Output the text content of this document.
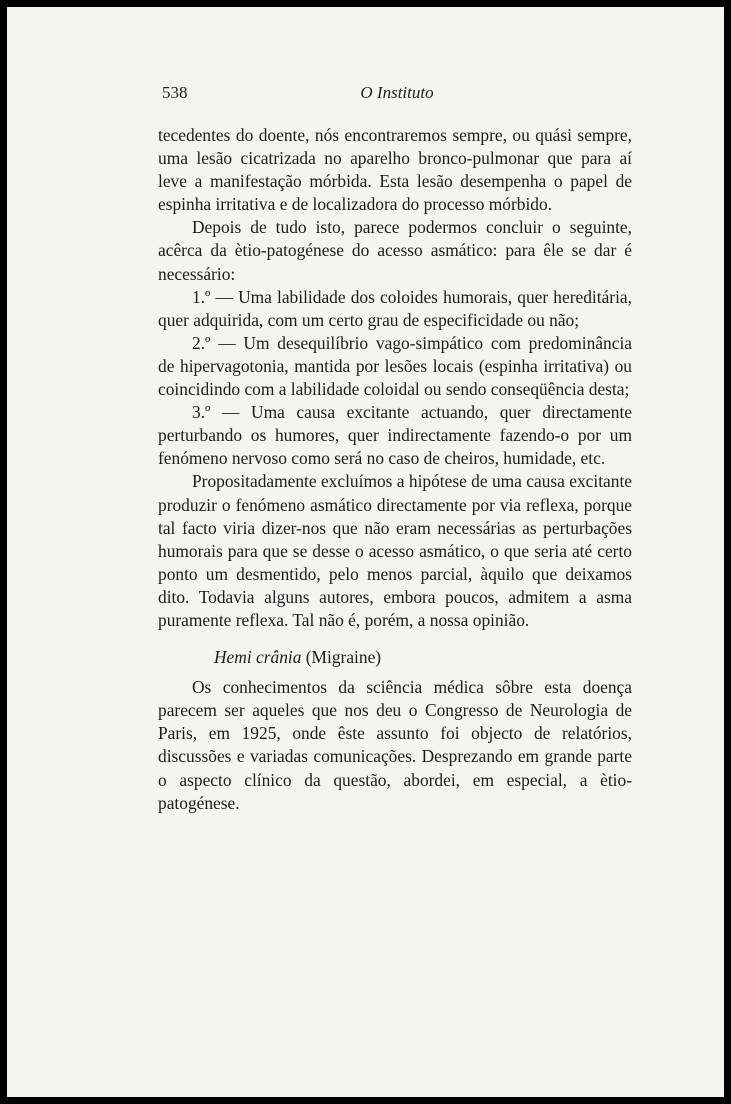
538	O Instituto

tecedentes do doente, nós encontraremos sempre, ou quási sempre, uma lesão cicatrizada no aparelho bronco-pulmonar que para aí leve a manifestação mórbida. Esta lesão desempenha o papel de espinha irritativa e de localizadora do processo mórbido.

Depois de tudo isto, parece podermos concluir o seguinte, acêrca da ètio-patogénese do acesso asmático: para êle se dar é necessário:

1.º — Uma labilidade dos coloides humorais, quer hereditária, quer adquirida, com um certo grau de especificidade ou não;

2.º — Um desequilíbrio vago-simpático com predominância de hipervagotonia, mantida por lesões locais (espinha irritativa) ou coincidindo com a labilidade coloidal ou sendo conseqüência desta;

3.º — Uma causa excitante actuando, quer directamente perturbando os humores, quer indirectamente fazendo-o por um fenómeno nervoso como será no caso de cheiros, humidade, etc.

Propositadamente excluímos a hipótese de uma causa excitante produzir o fenómeno asmático directamente por via reflexa, porque tal facto viria dizer-nos que não eram necessárias as perturbações humorais para que se desse o acesso asmático, o que seria até certo ponto um desmentido, pelo menos parcial, àquilo que deixamos dito. Todavia alguns autores, embora poucos, admitem a asma puramente reflexa. Tal não é, porém, a nossa opinião.

Hemi crânia (Migraine)

Os conhecimentos da sciência médica sôbre esta doença parecem ser aqueles que nos deu o Congresso de Neurologia de Paris, em 1925, onde êste assunto foi objecto de relatórios, discussões e variadas comunicações. Desprezando em grande parte o aspecto clínico da questão, abordei, em especial, a ètio-patogénese.
